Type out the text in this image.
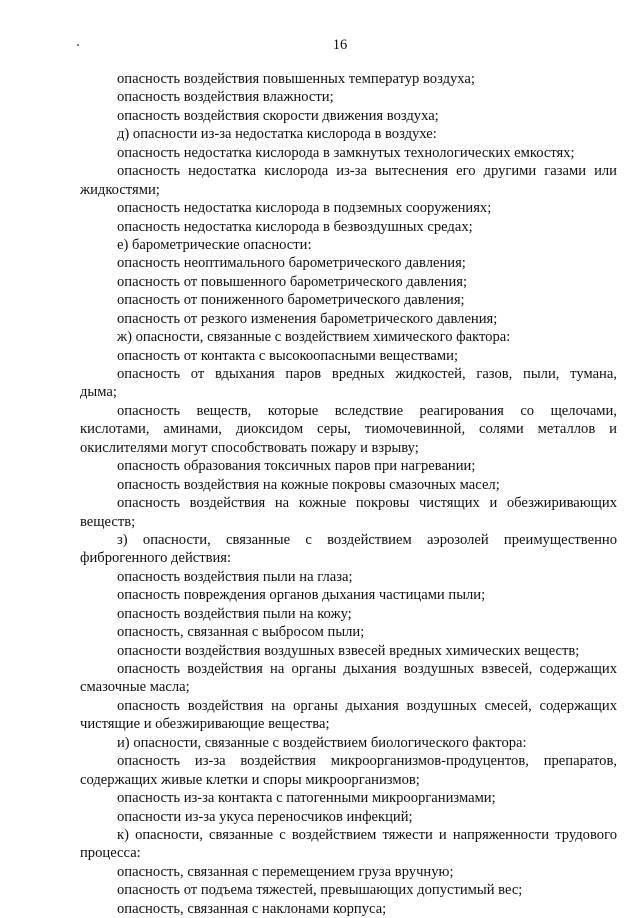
16
опасность воздействия повышенных температур воздуха;
опасность воздействия влажности;
опасность воздействия скорости движения воздуха;
д) опасности из-за недостатка кислорода в воздухе:
опасность недостатка кислорода в замкнутых технологических емкостях;
опасность недостатка кислорода из-за вытеснения его другими газами или
жидкостями;
опасность недостатка кислорода в подземных сооружениях;
опасность недостатка кислорода в безвоздушных средах;
е) барометрические опасности:
опасность неоптимального барометрического давления;
опасность от повышенного барометрического давления;
опасность от пониженного барометрического давления;
опасность от резкого изменения барометрического давления;
ж) опасности, связанные с воздействием химического фактора:
опасность от контакта с высокоопасными веществами;
опасность от вдыхания паров вредных жидкостей, газов, пыли, тумана,
дыма;
опасность веществ, которые вследствие реагирования со щелочами,
кислотами, аминами, диоксидом серы, тиомочевинной, солями металлов и
окислителями могут способствовать пожару и взрыву;
опасность образования токсичных паров при нагревании;
опасность воздействия на кожные покровы смазочных масел;
опасность воздействия на кожные покровы чистящих и обезжиривающих
веществ;
з) опасности, связанные с воздействием аэрозолей преимущественно
фиброгенного действия:
опасность воздействия пыли на глаза;
опасность повреждения органов дыхания частицами пыли;
опасность воздействия пыли на кожу;
опасность, связанная с выбросом пыли;
опасности воздействия воздушных взвесей вредных химических веществ;
опасность воздействия на органы дыхания воздушных взвесей, содержащих
смазочные масла;
опасность воздействия на органы дыхания воздушных смесей, содержащих
чистящие и обезжиривающие вещества;
и) опасности, связанные с воздействием биологического фактора:
опасность из-за воздействия микроорганизмов-продуцентов, препаратов,
содержащих живые клетки и споры микроорганизмов;
опасность из-за контакта с патогенными микроорганизмами;
опасности из-за укуса переносчиков инфекций;
к) опасности, связанные с воздействием тяжести и напряженности трудового
процесса:
опасность, связанная с перемещением груза вручную;
опасность от подъема тяжестей, превышающих допустимый вес;
опасность, связанная с наклонами корпуса;
